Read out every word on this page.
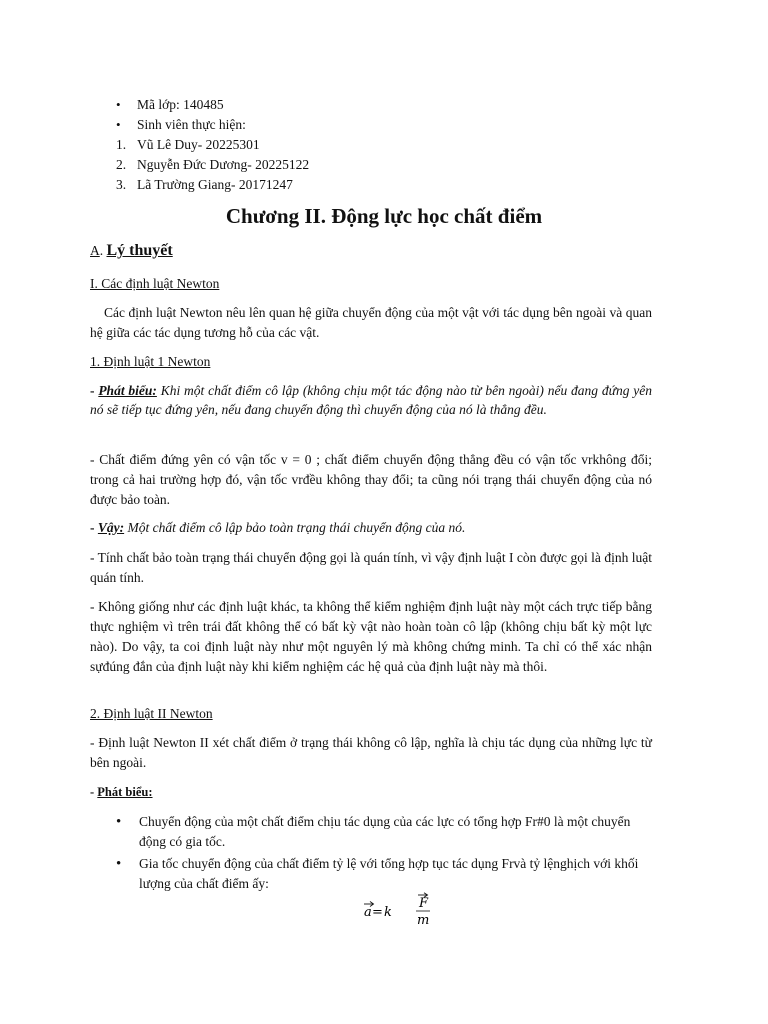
• Mã lớp: 140485
• Sinh viên thực hiện:
1. Vũ Lê Duy- 20225301
2. Nguyễn Đức Dương- 20225122
3. Lã Trường Giang- 20171247
Chương II. Động lực học chất điểm
A. Lý thuyết
I. Các định luật Newton

Các định luật Newton nêu lên quan hệ giữa chuyển động của một vật với tác dụng bên ngoài và quan hệ giữa các tác dụng tương hỗ của các vật.

1. Định luật 1 Newton

- Phát biểu: Khi một chất điểm cô lập (không chịu một tác động nào từ bên ngoài) nếu đang đứng yên nó sẽ tiếp tục đứng yên, nếu đang chuyển động thì chuyển động của nó là thẳng đều.

- Chất điểm đứng yên có vận tốc v = 0 ; chất điểm chuyển động thẳng đều có vận tốc vrkhông đổi; trong cả hai trường hợp đó, vận tốc vrđều không thay đổi; ta cũng nói trạng thái chuyển động của nó được bảo toàn.

- Vậy: Một chất điểm cô lập bảo toàn trạng thái chuyển động của nó.

- Tính chất bảo toàn trạng thái chuyển động gọi là quán tính, vì vậy định luật I còn được gọi là định luật quán tính.

- Không giống như các định luật khác, ta không thể kiểm nghiệm định luật này một cách trực tiếp bằng thực nghiệm vì trên trái đất không thể có bất kỳ vật nào hoàn toàn cô lập (không chịu bất kỳ một lực nào). Do vậy, ta coi định luật này như một nguyên lý mà không chứng minh. Ta chỉ có thể xác nhận sựđúng đắn của định luật này khi kiểm nghiệm các hệ quả của định luật này mà thôi.

2. Định luật II Newton

- Định luật Newton II xét chất điểm ở trạng thái không cô lập, nghĩa là chịu tác dụng của những lực từ bên ngoài.

- Phát biểu:
• Chuyển động của một chất điểm chịu tác dụng của các lực có tổng hợp Fr#0 là một chuyển động có gia tốc.
• Gia tốc chuyển động của chất điểm tỷ lệ với tổng hợp tục tác dụng Frvà tỷ lệnghịch với khối lượng của chất điểm ấy:
a = k
F
m
